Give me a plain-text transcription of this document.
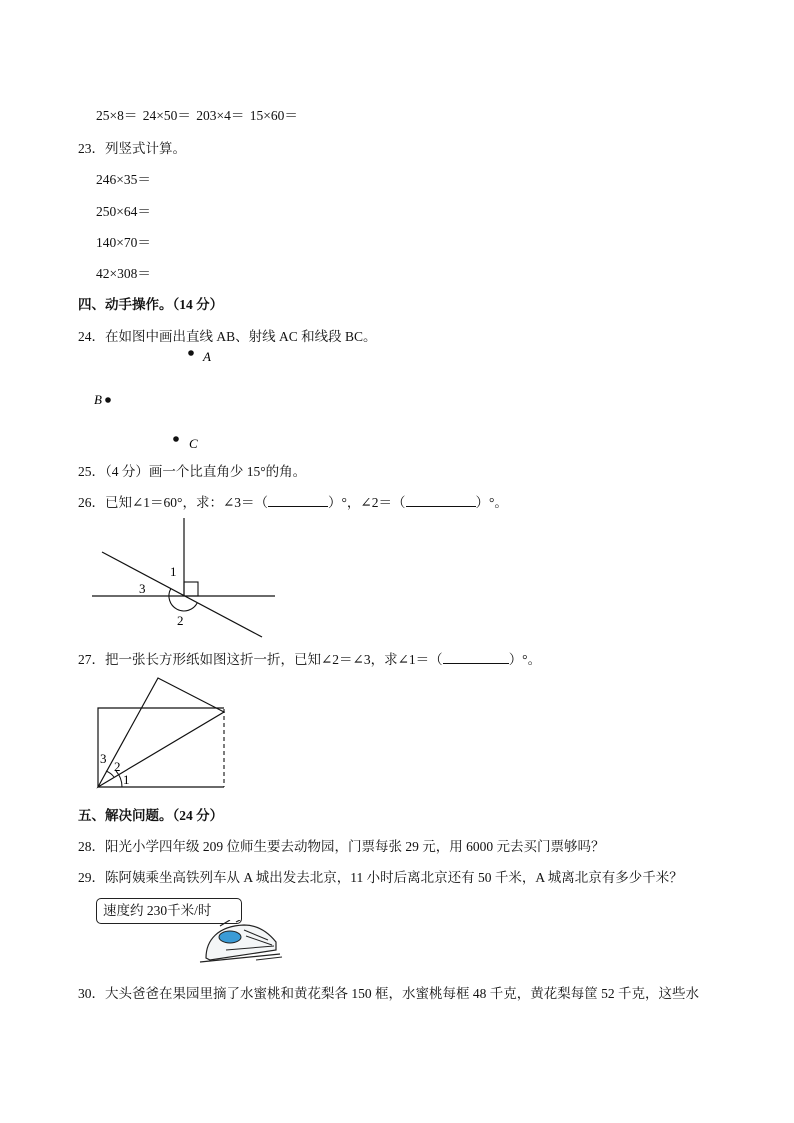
25×8＝ 24×50＝ 203×4＝ 15×60＝
23．列竖式计算。
246×35＝
250×64＝
140×70＝
42×308＝
四、动手操作。（14 分）
24．在如图中画出直线 AB、射线 AC 和线段 BC。
A
B
C
25．（4 分）画一个比直角少 15°的角。
26．已知∠1＝60°，求：∠3＝（	）°，∠2＝（	）°。
1
3
2
27．把一张长方形纸如图这折一折，已知∠2＝∠3，求∠1＝（	）°。
1
2
3
五、解决问题。（24 分）
28．阳光小学四年级 209 位师生要去动物园，门票每张 29 元，用 6000 元去买门票够吗？
29．陈阿姨乘坐高铁列车从 A 城出发去北京，11 小时后离北京还有 50 千米，A 城离北京有多少千米？
速度约 230千米/时
30．大头爸爸在果园里摘了水蜜桃和黄花梨各 150 框，水蜜桃每框 48 千克，黄花梨每筐 52 千克，这些水
